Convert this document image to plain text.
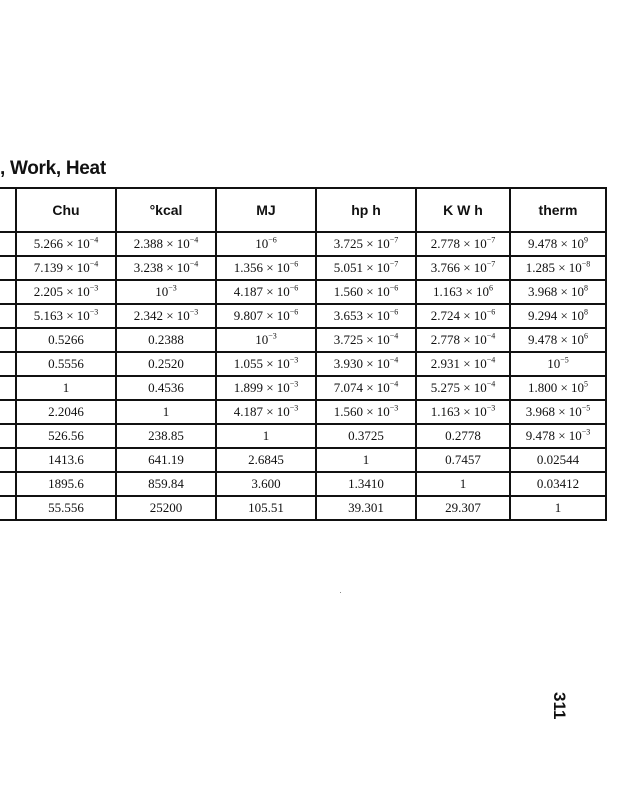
, Work, Heat
	Chu	°kcal	MJ	hp h	K W h	therm
	$5.266 \times 10^{-4}$	$2.388 \times 10^{-4}$	$10^{-6}$	$3.725 \times 10^{-7}$	$2.778 \times 10^{-7}$	$9.478 \times 10^9$
	$7.139 \times 10^{-4}$	$3.238 \times 10^{-4}$	$1.356 \times 10^{-6}$	$5.051 \times 10^{-7}$	$3.766 \times 10^{-7}$	$1.285 \times 10^{-8}$
	$2.205 \times 10^{-3}$	$10^{-3}$	$4.187 \times 10^{-6}$	$1.560 \times 10^{-6}$	$1.163 \times 10^6$	$3.968 \times 10^8$
	$5.163 \times 10^{-3}$	$2.342 \times 10^{-3}$	$9.807 \times 10^{-6}$	$3.653 \times 10^{-6}$	$2.724 \times 10^{-6}$	$9.294 \times 10^8$
	0.5266	0.2388	$10^{-3}$	$3.725 \times 10^{-4}$	$2.778 \times 10^{-4}$	$9.478 \times 10^6$
	0.5556	0.2520	$1.055 \times 10^{-3}$	$3.930 \times 10^{-4}$	$2.931 \times 10^{-4}$	$10^{-5}$
	1	0.4536	$1.899 \times 10^{-3}$	$7.074 \times 10^{-4}$	$5.275 \times 10^{-4}$	$1.800 \times 10^5$
	2.2046	1	$4.187 \times 10^{-3}$	$1.560 \times 10^{-3}$	$1.163 \times 10^{-3}$	$3.968 \times 10^{-5}$
	526.56	238.85	1	0.3725	0.2778	$9.478 \times 10^{-3}$
	1413.6	641.19	2.6845	1	0.7457	0.02544
	1895.6	859.84	3.600	1.3410	1	0.03412
	55.556	25200	105.51	39.301	29.307	1
311
